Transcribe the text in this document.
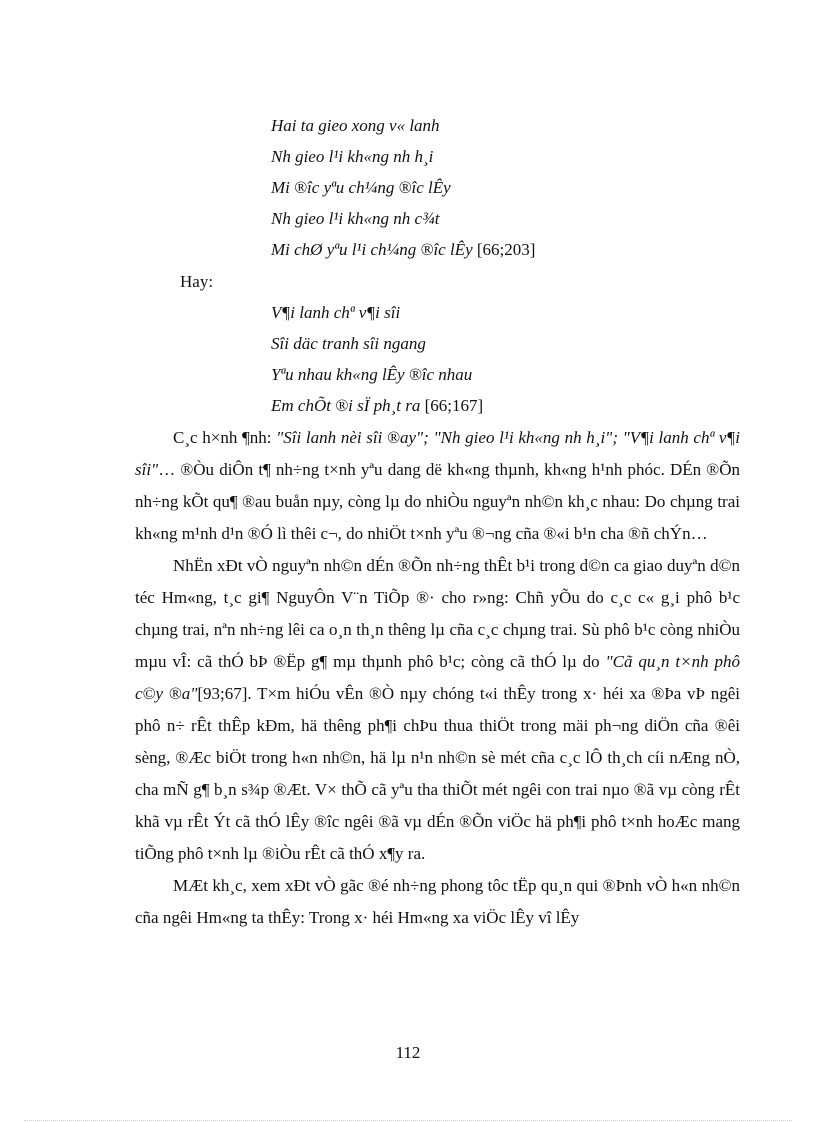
Hai ta gieo xong v« lanh
Nh gieo l¹i kh«ng nh h¸i
Mi ®îc yªu ch¼ng ®îc lÊy
Nh gieo l¹i kh«ng nh c¾t
Mi chØ yªu l¹i ch¼ng ®îc lÊy [66;203]
Hay:
V¶i lanh chª v¶i sîi
Sîi däc tranh sîi ngang
Yªu nhau kh«ng lÊy ®îc nhau
Em chÕt ®i sÏ ph¸t ra [66;167]

C¸c h×nh ¶nh: "Sîi lanh nèi sîi ®ay"; "Nh gieo l¹i kh«ng nh h¸i"; "V¶i lanh chª v¶i sîi"… ®Òu diÔn t¶ nh÷ng t×nh yªu dang dë kh«ng thµnh, kh«ng h¹nh phóc. DÉn ®Õn nh÷ng kÕt qu¶ ®au buån nµy, còng lµ do nhiÒu nguyªn nh©n kh¸c nhau: Do chµng trai kh«ng m¹nh d¹n ®Ó lì thêi c¬, do nhiÖt t×nh yªu ®¬ng cña ®«i b¹n cha ®ñ chÝn…

NhËn xÐt vÒ nguyªn nh©n dÉn ®Õn nh÷ng thÊt b¹i trong d©n ca giao duyªn d©n téc Hm«ng, t¸c gi¶ NguyÔn V¨n TiÕp ®· cho r»ng: Chñ yÕu do c¸c c« g¸i phô b¹c chµng trai, nªn nh÷ng lêi ca o¸n th¸n thêng lµ cña c¸c chµng trai. Sù phô b¹c còng nhiÒu mµu vÎ: cã thÓ bÞ ®Ëp g¶ mµ thµnh phô b¹c; còng cã thÓ lµ do "Cã qu¸n t×nh phô c©y ®a"[93;67]. T×m hiÓu vÊn ®Ò nµy chóng t«i thÊy trong x· héi xa ®Þa vÞ ngêi phô n÷ rÊt thÊp kÐm, hä thêng ph¶i chÞu thua thiÖt trong mäi ph¬ng diÖn cña ®êi sèng, ®Æc biÖt trong h«n nh©n, hä lµ n¹n nh©n sè mét cña c¸c lÔ th¸ch cíi nÆng nÒ, cha mÑ g¶ b¸n s¾p ®Æt. V× thÕ cã yªu tha thiÕt mét ngêi con trai nµo ®ã vµ còng rÊt khã vµ rÊt Ýt cã thÓ lÊy ®îc ngêi ®ã vµ dÉn ®Õn viÖc hä ph¶i phô t×nh hoÆc mang tiÕng phô t×nh lµ ®iÒu rÊt cã thÓ x¶y ra.

MÆt kh¸c, xem xÐt vÒ gãc ®é nh÷ng phong tôc tËp qu¸n qui ®Þnh vÒ h«n nh©n cña ngêi Hm«ng ta thÊy: Trong x· héi Hm«ng xa viÖc lÊy vî lÊy

112
